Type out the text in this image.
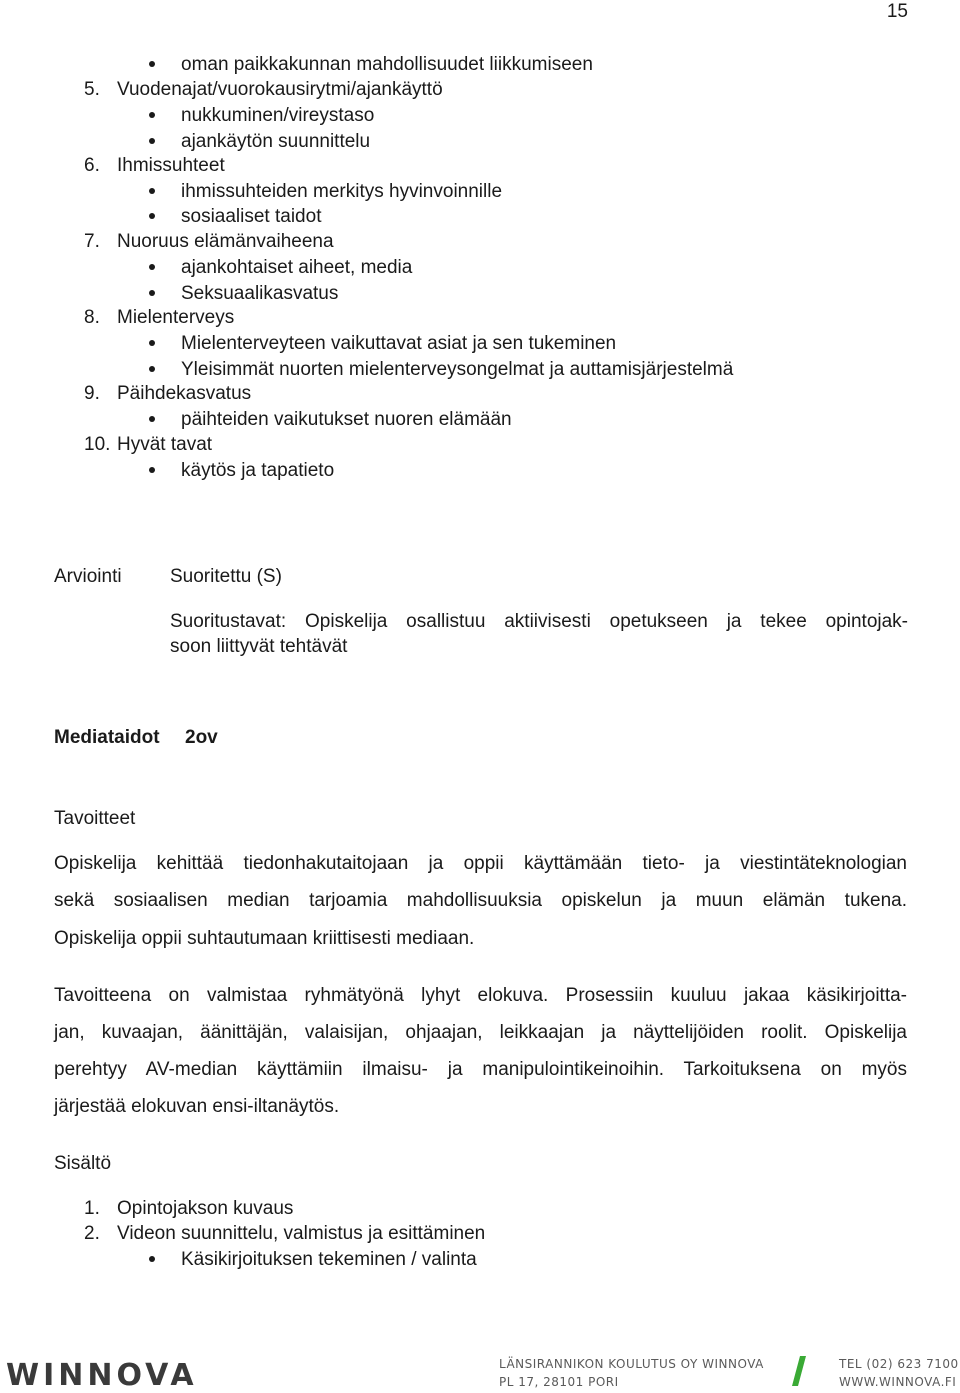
15
oman paikkakunnan mahdollisuudet liikkumiseen
5. Vuodenajat/vuorokausirytmi/ajankäyttö
nukkuminen/vireystaso
ajankäytön suunnittelu
6. Ihmissuhteet
ihmissuhteiden merkitys hyvinvoinnille
sosiaaliset taidot
7. Nuoruus elämänvaiheena
ajankohtaiset aiheet, media
Seksuaalikasvatus
8. Mielenterveys
Mielenterveyteen vaikuttavat asiat ja sen tukeminen
Yleisimmät nuorten mielenterveysongelmat ja auttamisjärjestelmä
9. Päihdekasvatus
päihteiden vaikutukset nuoren elämään
10. Hyvät tavat
käytös ja tapatieto
Arviointi	Suoritettu (S)
Suoritustavat: Opiskelija osallistuu aktiivisesti opetukseen ja tekee opintojak-
soon liittyvät tehtävät
Mediataidot 2ov
Tavoitteet
Opiskelija kehittää tiedonhakutaitojaan ja oppii käyttämään tieto- ja viestintäteknologian
sekä sosiaalisen median tarjoamia mahdollisuuksia opiskelun ja muun elämän tukena.
Opiskelija oppii suhtautumaan kriittisesti mediaan.
Tavoitteena on valmistaa ryhmätyönä lyhyt elokuva. Prosessiin kuuluu jakaa käsikirjoitta-
jan, kuvaajan, äänittäjän, valaisijan, ohjaajan, leikkaajan ja näyttelijöiden roolit. Opiskelija
perehtyy AV-median käyttämiin ilmaisu- ja manipulointikeinoihin. Tarkoituksena on myös
järjestää elokuvan ensi-iltanäytös.
Sisältö
1. Opintojakson kuvaus
2. Videon suunnittelu, valmistus ja esittäminen
Käsikirjoituksen tekeminen / valinta
WINNOVA	LÄNSIRANNIKON KOULUTUS OY WINNOVA
PL 17, 28101 PORI
TEL (02) 623 7100
WWW.WINNOVA.FI
